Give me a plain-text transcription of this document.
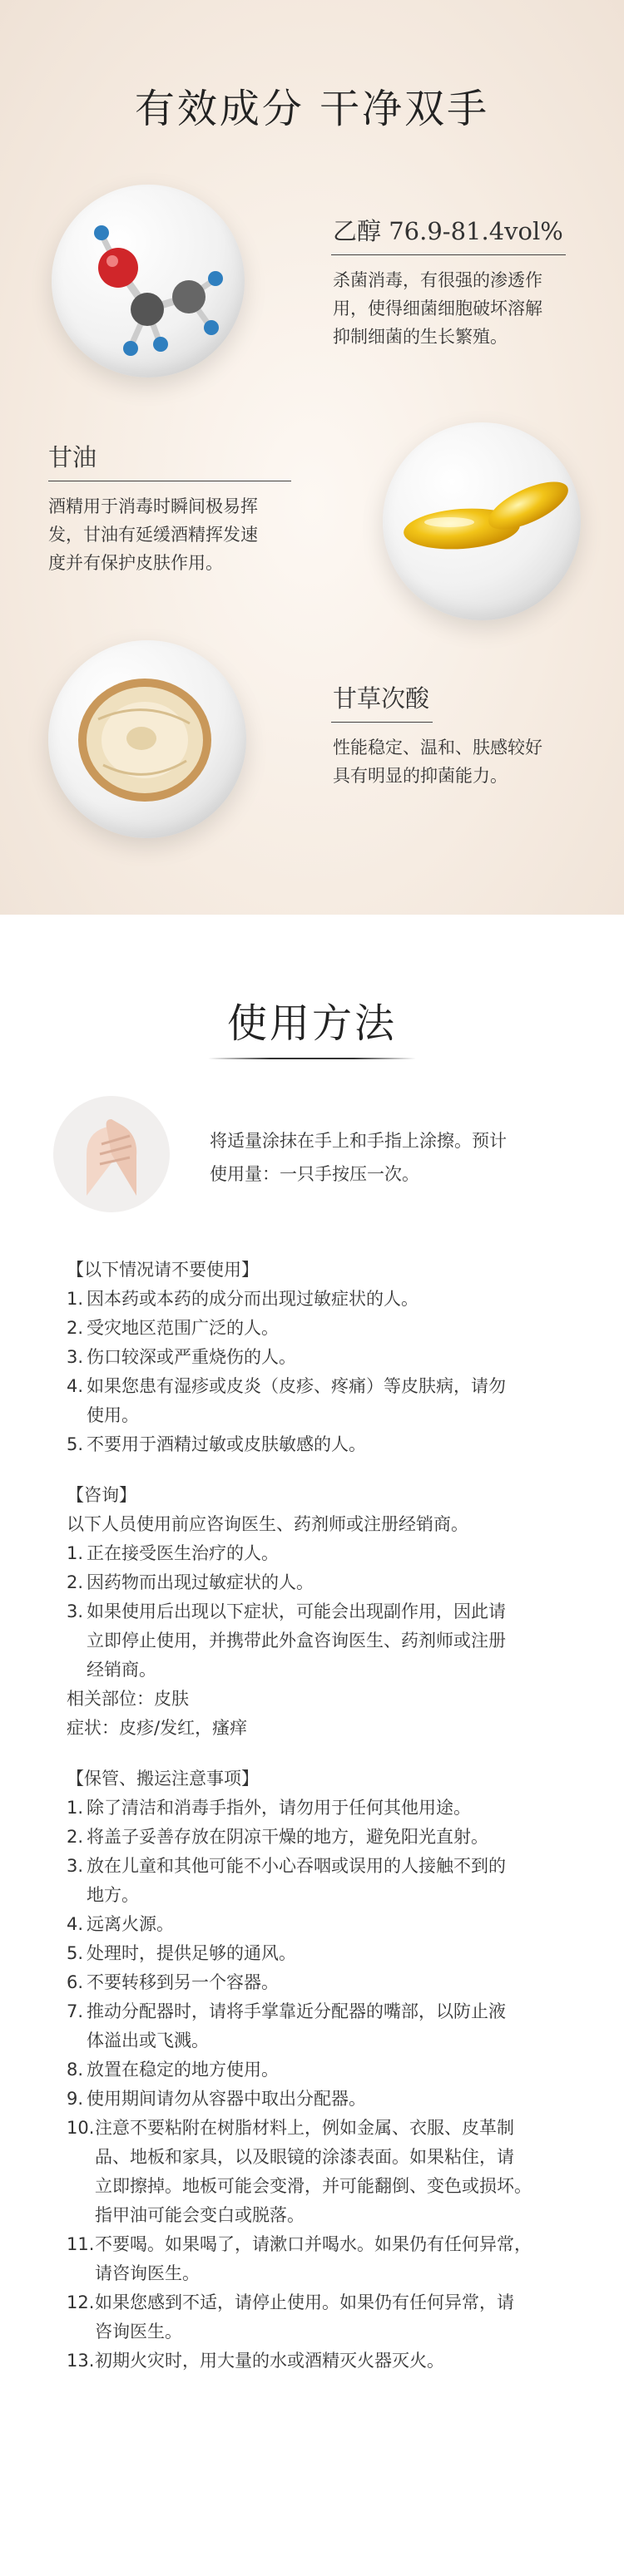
有效成分 干净双手
乙醇 76.9-81.4vol%
杀菌消毒，有很强的渗透作
用，使得细菌细胞破坏溶解
抑制细菌的生长繁殖。
甘油
酒精用于消毒时瞬间极易挥
发，甘油有延缓酒精挥发速
度并有保护皮肤作用。
甘草次酸
性能稳定、温和、肤感较好
具有明显的抑菌能力。
使用方法
将适量涂抹在手上和手指上涂擦。预计
使用量：一只手按压一次。
【以下情况请不要使用】
1. 因本药或本药的成分而出现过敏症状的人。
2. 受灾地区范围广泛的人。
3. 伤口较深或严重烧伤的人。
4. 如果您患有湿疹或皮炎（皮疹、疼痛）等皮肤病，请勿
使用。
5. 不要用于酒精过敏或皮肤敏感的人。
【咨询】
以下人员使用前应咨询医生、药剂师或注册经销商。
1. 正在接受医生治疗的人。
2. 因药物而出现过敏症状的人。
3. 如果使用后出现以下症状，可能会出现副作用，因此请
立即停止使用，并携带此外盒咨询医生、药剂师或注册
经销商。
相关部位：皮肤
症状：皮疹/发红，瘙痒
【保管、搬运注意事项】
1. 除了清洁和消毒手指外，请勿用于任何其他用途。
2. 将盖子妥善存放在阴凉干燥的地方，避免阳光直射。
3. 放在儿童和其他可能不小心吞咽或误用的人接触不到的
地方。
4. 远离火源。
5. 处理时，提供足够的通风。
6. 不要转移到另一个容器。
7. 推动分配器时，请将手掌靠近分配器的嘴部，以防止液
体溢出或飞溅。
8. 放置在稳定的地方使用。
9. 使用期间请勿从容器中取出分配器。
10. 注意不要粘附在树脂材料上，例如金属、衣服、皮革制
品、地板和家具，以及眼镜的涂漆表面。如果粘住，请
立即擦掉。地板可能会变滑，并可能翻倒、变色或损坏。
指甲油可能会变白或脱落。
11. 不要喝。如果喝了，请漱口并喝水。如果仍有任何异常，
请咨询医生。
12. 如果您感到不适，请停止使用。如果仍有任何异常，请
咨询医生。
13. 初期火灾时，用大量的水或酒精灭火器灭火。
